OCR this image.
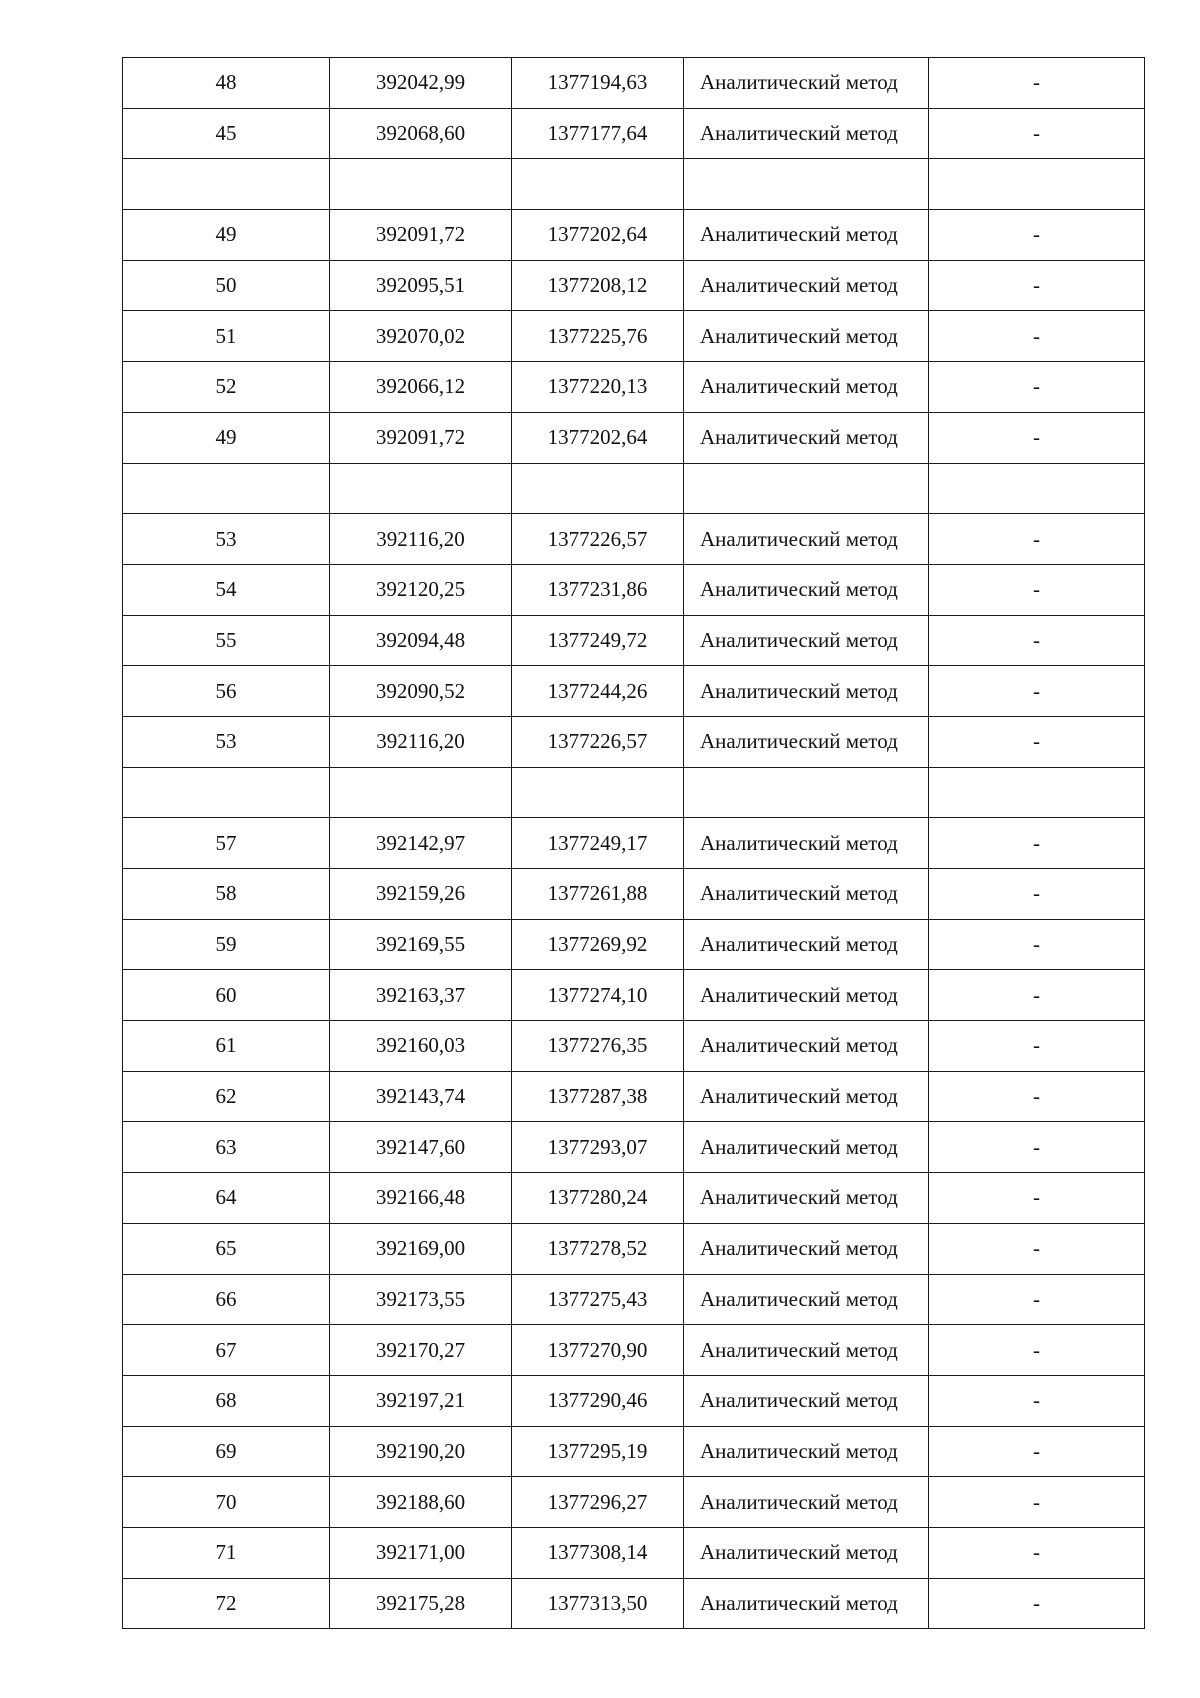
48	392042,99	1377194,63	Аналитический метод	-
45	392068,60	1377177,64	Аналитический метод	-

49	392091,72	1377202,64	Аналитический метод	-
50	392095,51	1377208,12	Аналитический метод	-
51	392070,02	1377225,76	Аналитический метод	-
52	392066,12	1377220,13	Аналитический метод	-
49	392091,72	1377202,64	Аналитический метод	-

53	392116,20	1377226,57	Аналитический метод	-
54	392120,25	1377231,86	Аналитический метод	-
55	392094,48	1377249,72	Аналитический метод	-
56	392090,52	1377244,26	Аналитический метод	-
53	392116,20	1377226,57	Аналитический метод	-

57	392142,97	1377249,17	Аналитический метод	-
58	392159,26	1377261,88	Аналитический метод	-
59	392169,55	1377269,92	Аналитический метод	-
60	392163,37	1377274,10	Аналитический метод	-
61	392160,03	1377276,35	Аналитический метод	-
62	392143,74	1377287,38	Аналитический метод	-
63	392147,60	1377293,07	Аналитический метод	-
64	392166,48	1377280,24	Аналитический метод	-
65	392169,00	1377278,52	Аналитический метод	-
66	392173,55	1377275,43	Аналитический метод	-
67	392170,27	1377270,90	Аналитический метод	-
68	392197,21	1377290,46	Аналитический метод	-
69	392190,20	1377295,19	Аналитический метод	-
70	392188,60	1377296,27	Аналитический метод	-
71	392171,00	1377308,14	Аналитический метод	-
72	392175,28	1377313,50	Аналитический метод	-
